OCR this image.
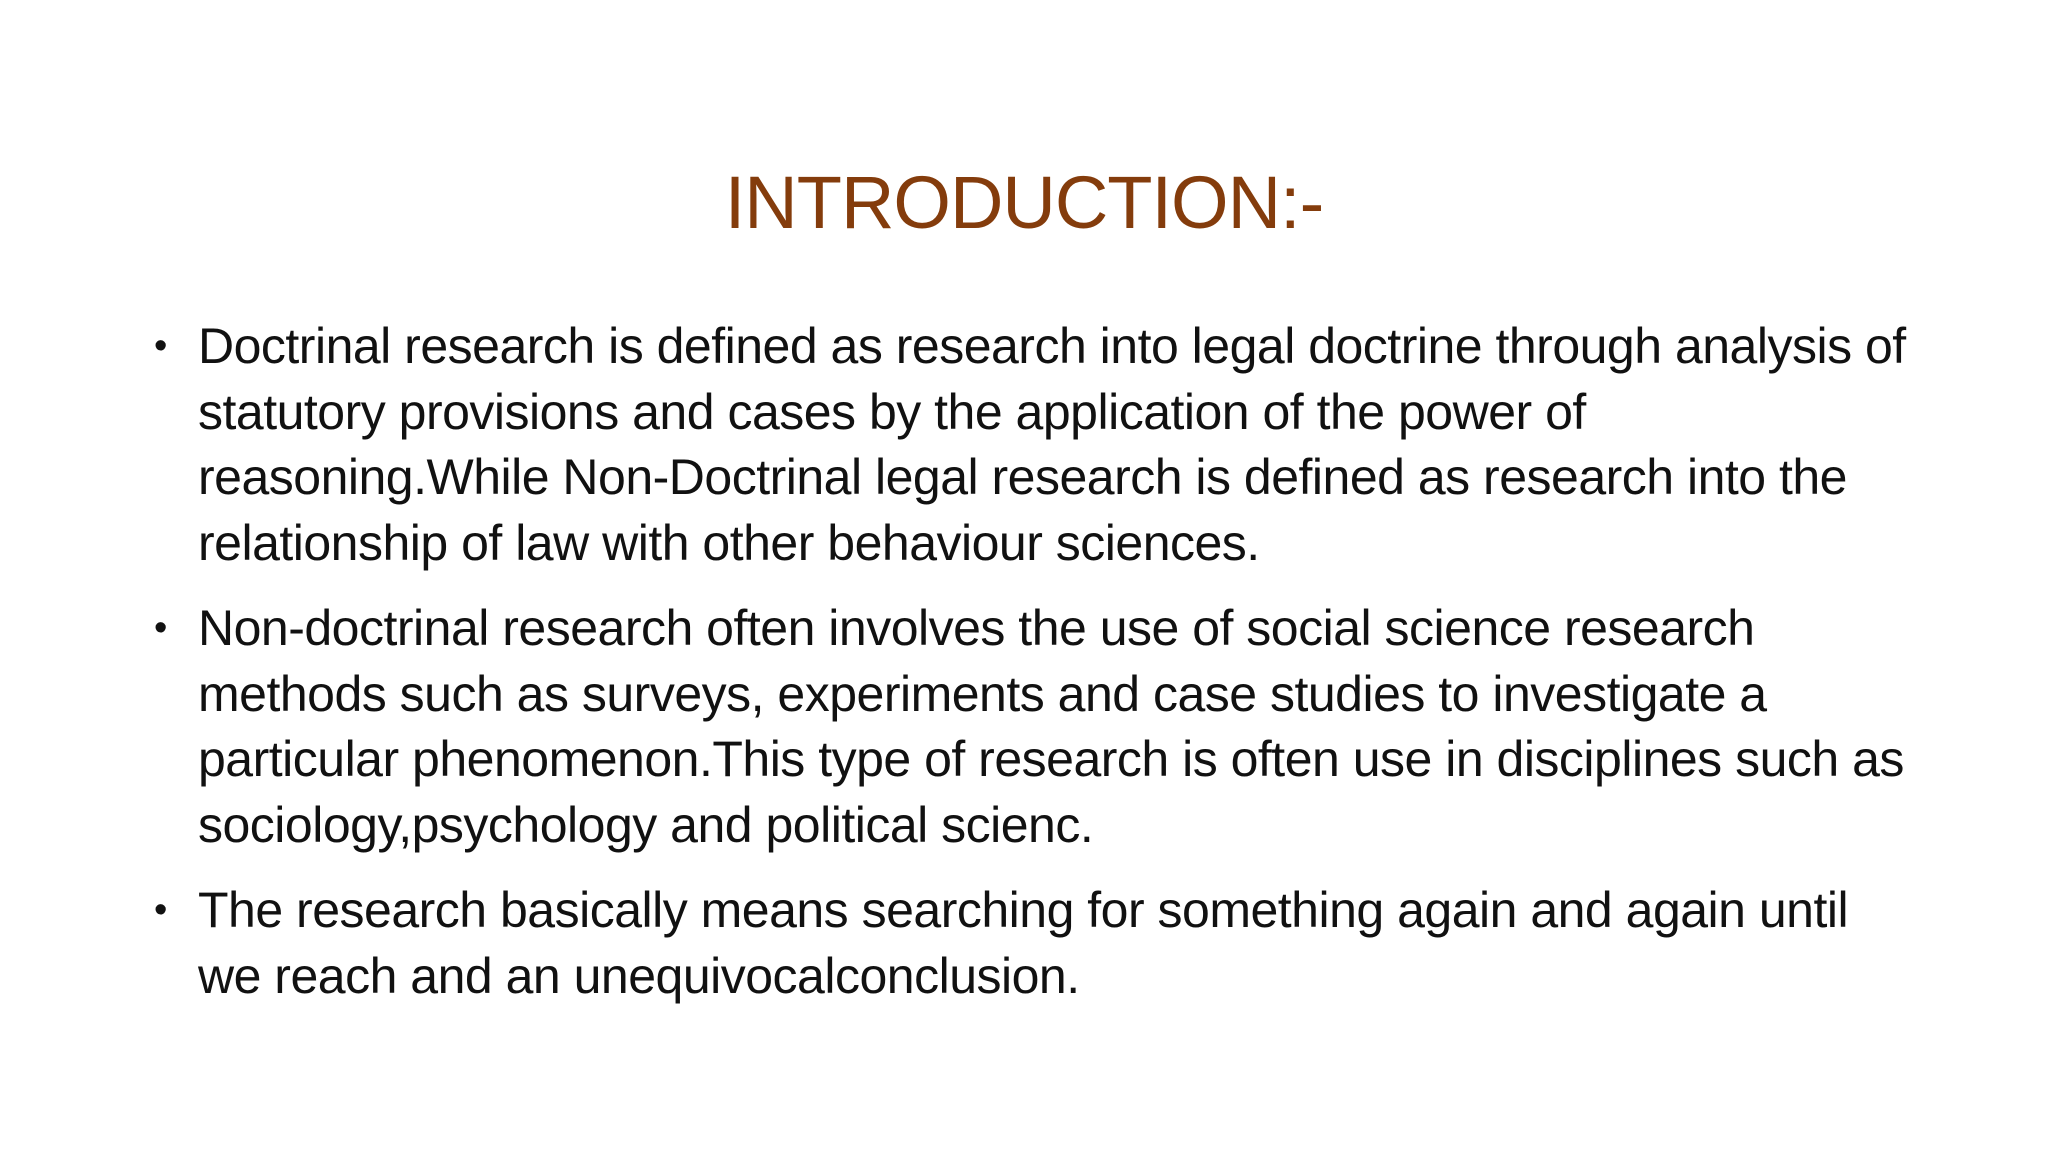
INTRODUCTION:-
• Doctrinal research is defined as research into legal doctrine through analysis of statutory provisions and cases by the application of the power of reasoning.While Non-Doctrinal legal research is defined as research into the relationship of law with other behaviour sciences.
• Non-doctrinal research often involves the use of social science research methods such as surveys, experiments and case studies to investigate a particular phenomenon.This type of research is often use in disciplines such as sociology,psychology and political scienc.
• The research basically means searching for something again and again until we reach and an unequivocalconclusion.
